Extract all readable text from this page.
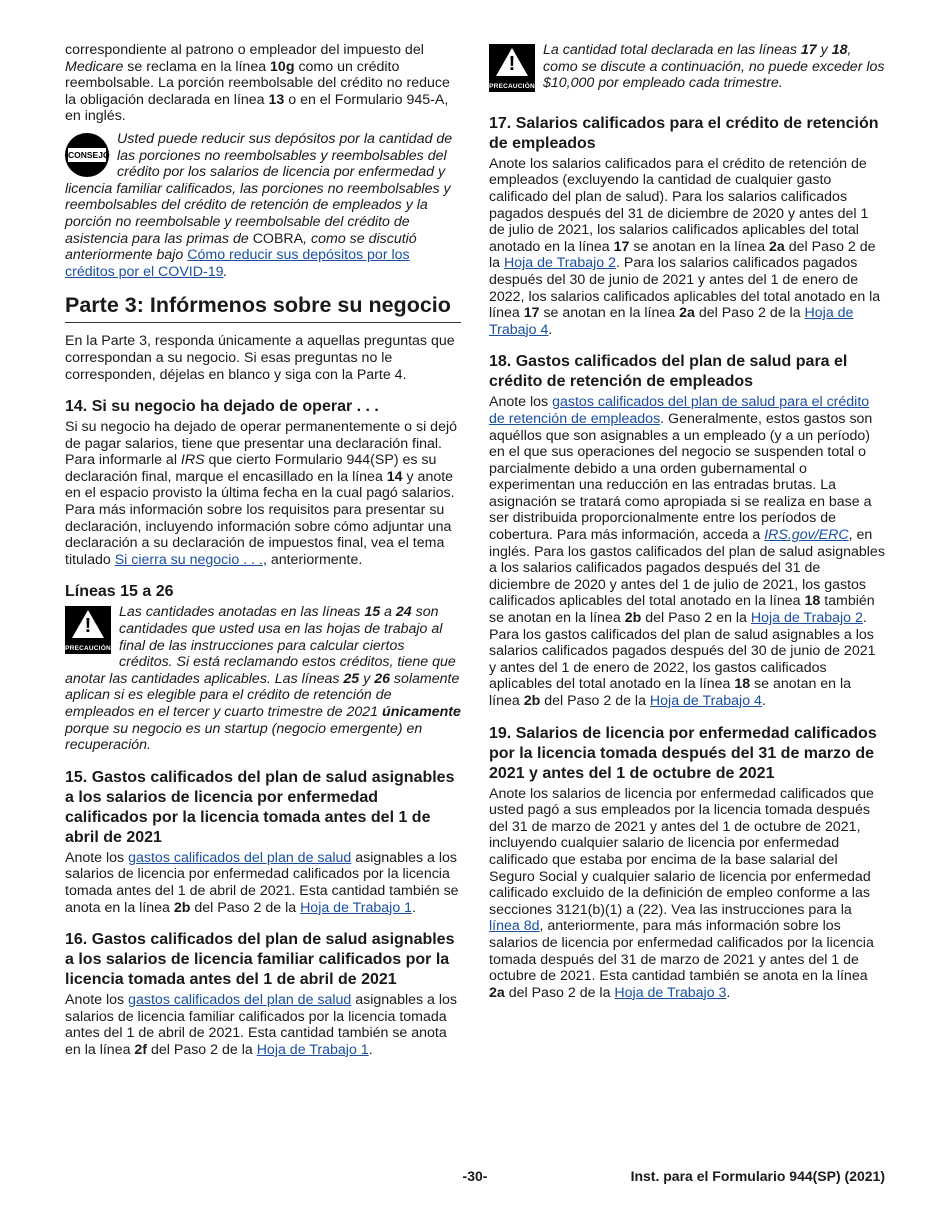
correspondiente al patrono o empleador del impuesto del Medicare se reclama en la línea 10g como un crédito reembolsable. La porción reembolsable del crédito no reduce la obligación declarada en línea 13 o en el Formulario 945-A, en inglés.

CONSEJO
Usted puede reducir sus depósitos por la cantidad de las porciones no reembolsables y reembolsables del crédito por los salarios de licencia por enfermedad y licencia familiar calificados, las porciones no reembolsables y reembolsables del crédito de retención de empleados y la porción no reembolsable y reembolsable del crédito de asistencia para las primas de COBRA, como se discutió anteriormente bajo Cómo reducir sus depósitos por los créditos por el COVID-19.
Parte 3: Infórmenos sobre su negocio

En la Parte 3, responda únicamente a aquellas preguntas que correspondan a su negocio. Si esas preguntas no le corresponden, déjelas en blanco y siga con la Parte 4.

14. Si su negocio ha dejado de operar . . .

Si su negocio ha dejado de operar permanentemente o si dejó de pagar salarios, tiene que presentar una declaración final. Para informarle al IRS que cierto Formulario 944(SP) es su declaración final, marque el encasillado en la línea 14 y anote en el espacio provisto la última fecha en la cual pagó salarios. Para más información sobre los requisitos para presentar su declaración, incluyendo información sobre cómo adjuntar una declaración a su declaración de impuestos final, vea el tema titulado Si cierra su negocio . . ., anteriormente.

Líneas 15 a 26
!
PRECAUCIÓN
Las cantidades anotadas en las líneas 15 a 24 son cantidades que usted usa en las hojas de trabajo al final de las instrucciones para calcular ciertos créditos. Si está reclamando estos créditos, tiene que anotar las cantidades aplicables. Las líneas 25 y 26 solamente aplican si es elegible para el crédito de retención de empleados en el tercer y cuarto trimestre de 2021 únicamente porque su negocio es un startup (negocio emergente) en recuperación.
15. Gastos calificados del plan de salud asignables a los salarios de licencia por enfermedad calificados por la licencia tomada antes del 1 de abril de 2021

Anote los gastos calificados del plan de salud asignables a los salarios de licencia por enfermedad calificados por la licencia tomada antes del 1 de abril de 2021. Esta cantidad también se anota en la línea 2b del Paso 2 de la Hoja de Trabajo 1.

16. Gastos calificados del plan de salud asignables a los salarios de licencia familiar calificados por la licencia tomada antes del 1 de abril de 2021

Anote los gastos calificados del plan de salud asignables a los salarios de licencia familiar calificados por la licencia tomada antes del 1 de abril de 2021. Esta cantidad también se anota en la línea 2f del Paso 2 de la Hoja de Trabajo 1.

!
PRECAUCIÓN
La cantidad total declarada en las líneas 17 y 18, como se discute a continuación, no puede exceder los $10,000 por empleado cada trimestre.
17. Salarios calificados para el crédito de retención de empleados

Anote los salarios calificados para el crédito de retención de empleados (excluyendo la cantidad de cualquier gasto calificado del plan de salud). Para los salarios calificados pagados después del 31 de diciembre de 2020 y antes del 1 de julio de 2021, los salarios calificados aplicables del total anotado en la línea 17 se anotan en la línea 2a del Paso 2 de la Hoja de Trabajo 2. Para los salarios calificados pagados después del 30 de junio de 2021 y antes del 1 de enero de 2022, los salarios calificados aplicables del total anotado en la línea 17 se anotan en la línea 2a del Paso 2 de la Hoja de Trabajo 4.

18. Gastos calificados del plan de salud para el crédito de retención de empleados

Anote los gastos calificados del plan de salud para el crédito de retención de empleados. Generalmente, estos gastos son aquéllos que son asignables a un empleado (y a un período) en el que sus operaciones del negocio se suspenden total o parcialmente debido a una orden gubernamental o experimentan una reducción en las entradas brutas. La asignación se tratará como apropiada si se realiza en base a ser distribuida proporcionalmente entre los períodos de cobertura. Para más información, acceda a IRS.gov/ERC, en inglés. Para los gastos calificados del plan de salud asignables a los salarios calificados pagados después del 31 de diciembre de 2020 y antes del 1 de julio de 2021, los gastos calificados aplicables del total anotado en la línea 18 también se anotan en la línea 2b del Paso 2 en la Hoja de Trabajo 2. Para los gastos calificados del plan de salud asignables a los salarios calificados pagados después del 30 de junio de 2021 y antes del 1 de enero de 2022, los gastos calificados aplicables del total anotado en la línea 18 se anotan en la línea 2b del Paso 2 de la Hoja de Trabajo 4.

19. Salarios de licencia por enfermedad calificados por la licencia tomada después del 31 de marzo de 2021 y antes del 1 de octubre de 2021

Anote los salarios de licencia por enfermedad calificados que usted pagó a sus empleados por la licencia tomada después del 31 de marzo de 2021 y antes del 1 de octubre de 2021, incluyendo cualquier salario de licencia por enfermedad calificado que estaba por encima de la base salarial del Seguro Social y cualquier salario de licencia por enfermedad calificado excluido de la definición de empleo conforme a las secciones 3121(b)(1) a (22). Vea las instrucciones para la línea 8d, anteriormente, para más información sobre los salarios de licencia por enfermedad calificados por la licencia tomada después del 31 de marzo de 2021 y antes del 1 de octubre de 2021. Esta cantidad también se anota en la línea 2a del Paso 2 de la Hoja de Trabajo 3.

-30-	Inst. para el Formulario 944(SP) (2021)
